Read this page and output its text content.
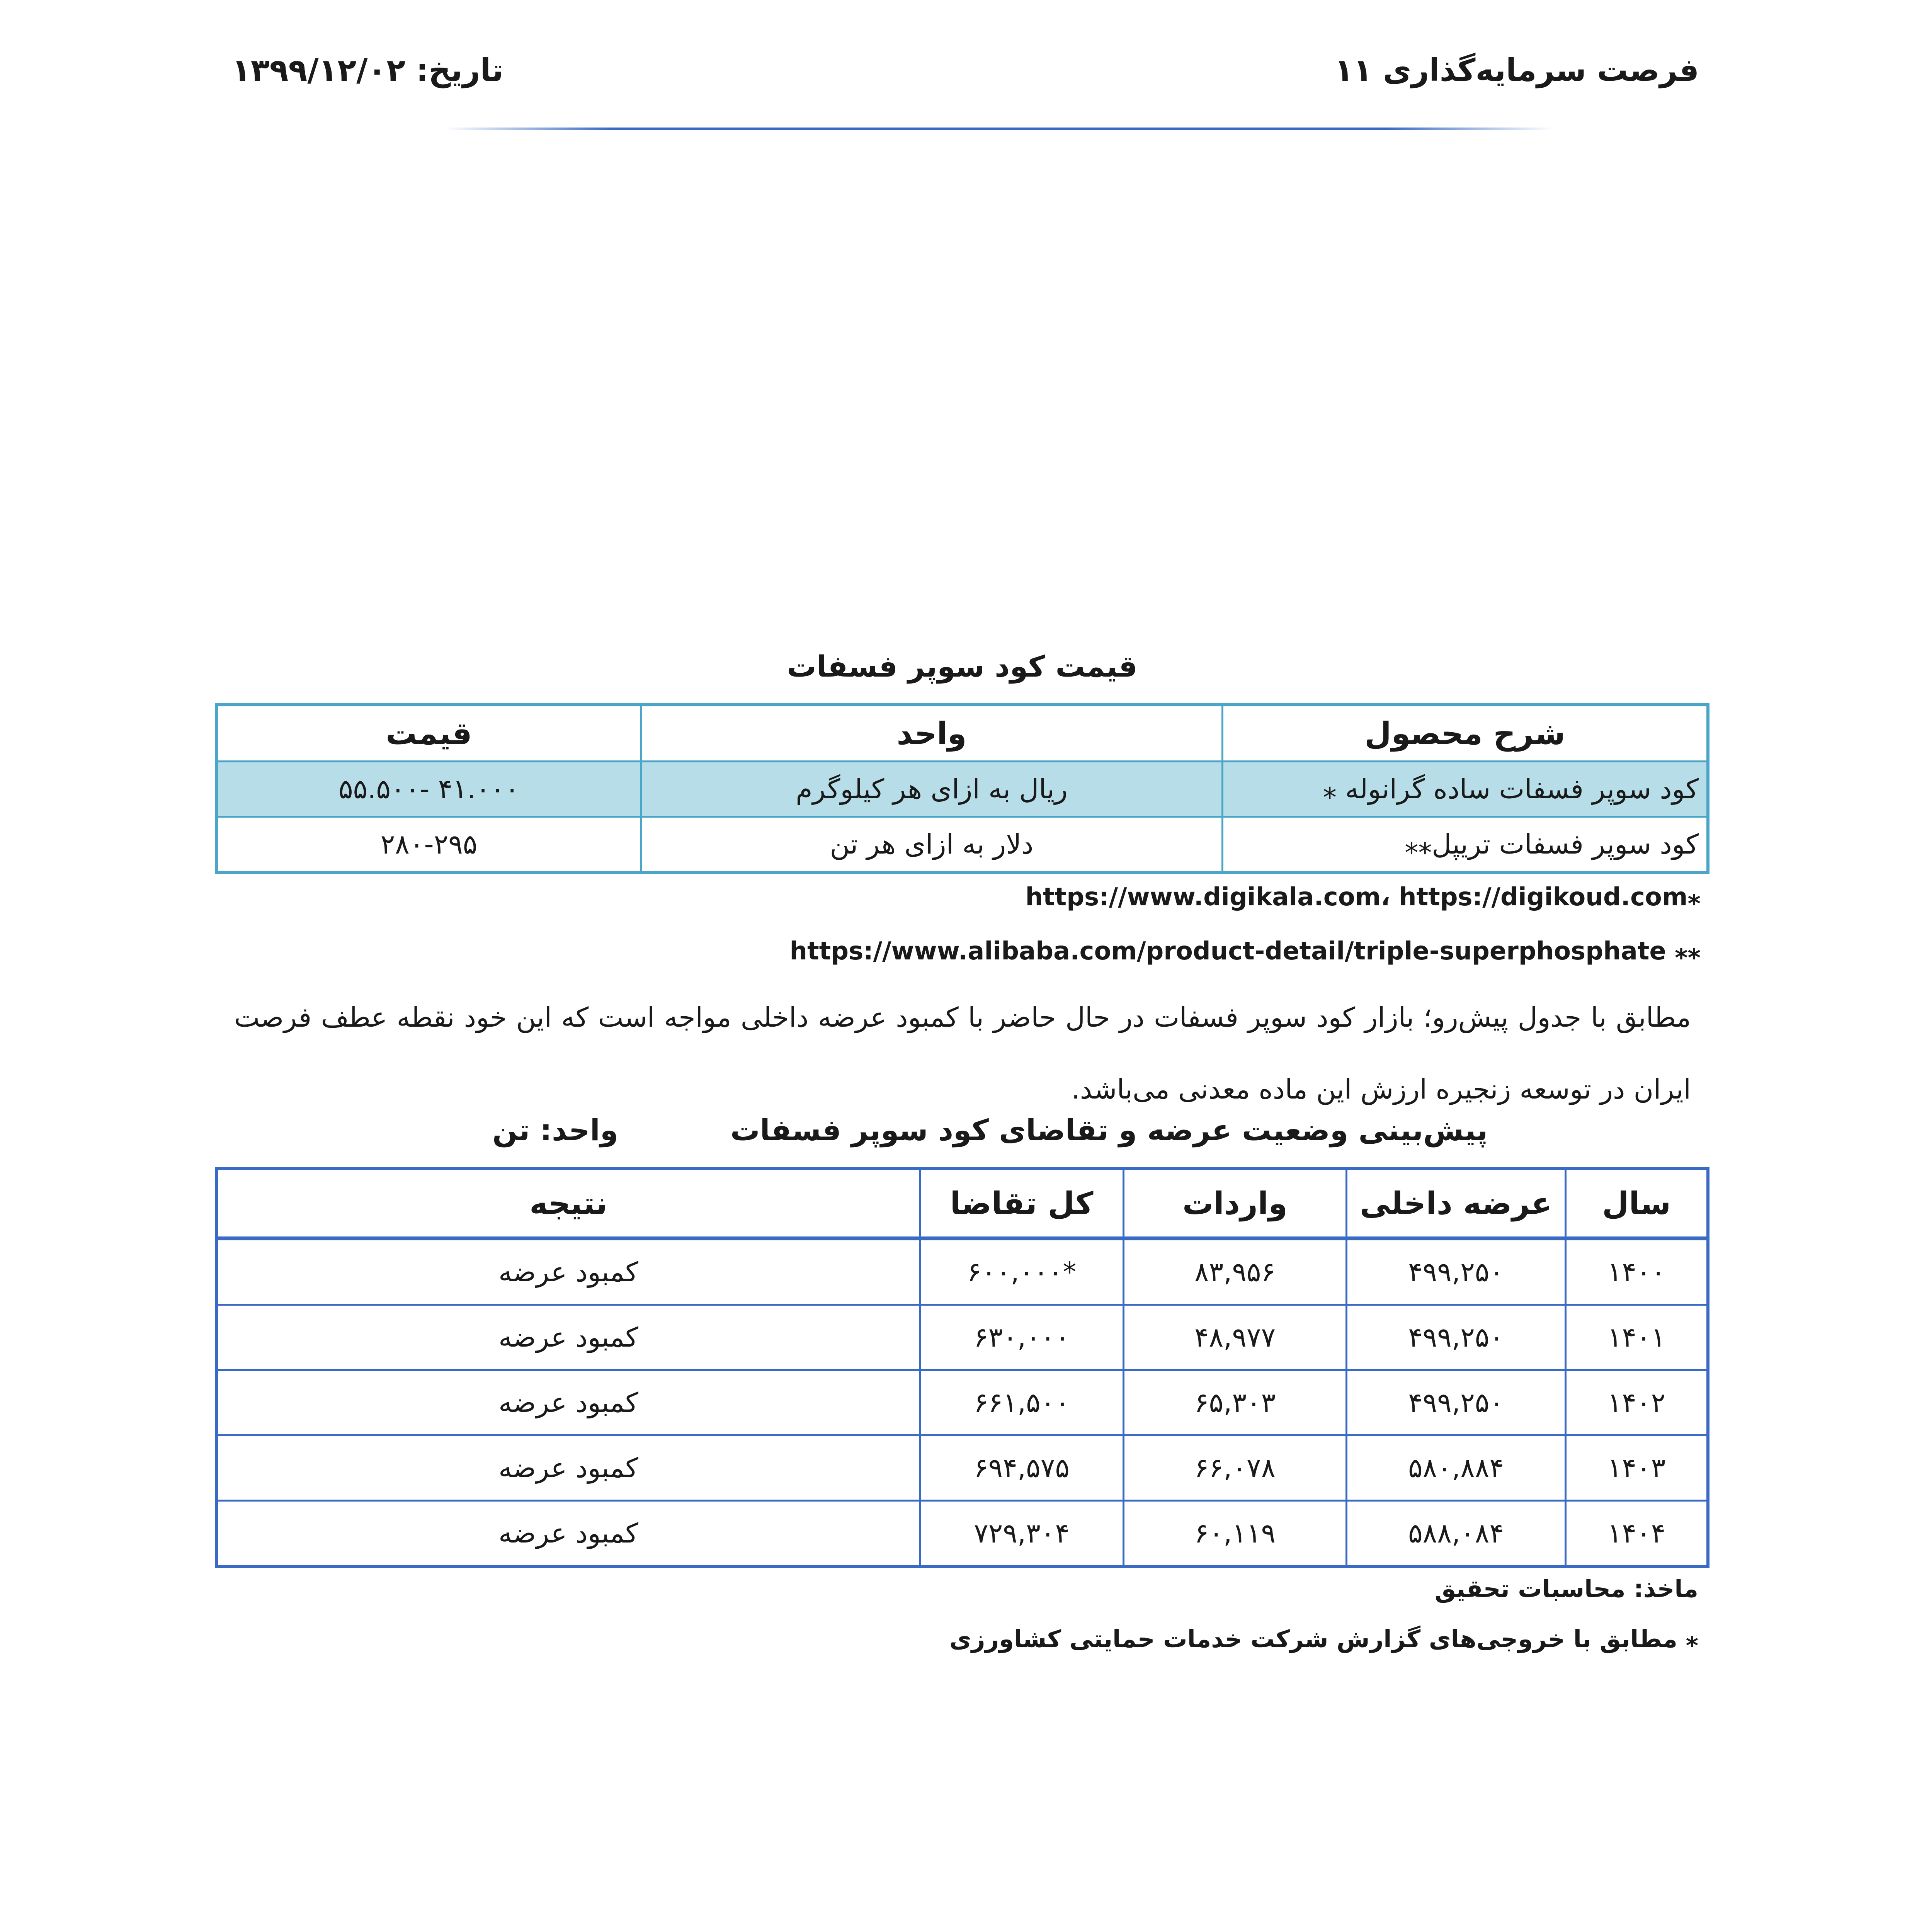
فرصت سرمایه‌گذاری ۱۱
تاریخ: ۱۳۹۹/۱۲/۰۲
قیمت کود سوپر فسفات
شرح محصول	واحد	قیمت
کود سوپر فسفات ساده گرانوله ⁎	ریال به ازای هر کیلوگرم	۴۱.۰۰۰ -۵۵.۵۰۰
کود سوپر فسفات تریپل⁎⁎	دلار به ازای هر تن	۲۸۰-۲۹۵
⁎https://www.digikala.com، https://digikoud.com
⁎⁎ https://www.alibaba.com/product-detail/triple-superphosphate
مطابق با جدول پیش‌رو؛ بازار کود سوپر فسفات در حال حاضر با کمبود عرضه داخلی مواجه است که این خود نقطه عطف فرصت ایران در توسعه زنجیره ارزش این ماده معدنی می‌باشد.
پیش‌بینی وضعیت عرضه و تقاضای کود سوپر فسفات
واحد: تن
سال	عرضه داخلی	واردات	کل تقاضا	نتیجه
۱۴۰۰	۴۹۹,۲۵۰	۸۳,۹۵۶	*۶۰۰,۰۰۰	کمبود عرضه
۱۴۰۱	۴۹۹,۲۵۰	۴۸,۹۷۷	۶۳۰,۰۰۰	کمبود عرضه
۱۴۰۲	۴۹۹,۲۵۰	۶۵,۳۰۳	۶۶۱,۵۰۰	کمبود عرضه
۱۴۰۳	۵۸۰,۸۸۴	۶۶,۰۷۸	۶۹۴,۵۷۵	کمبود عرضه
۱۴۰۴	۵۸۸,۰۸۴	۶۰,۱۱۹	۷۲۹,۳۰۴	کمبود عرضه
ماخذ: محاسبات تحقیق
⁎ مطابق با خروجی‌های گزارش شرکت خدمات حمایتی کشاورزی
